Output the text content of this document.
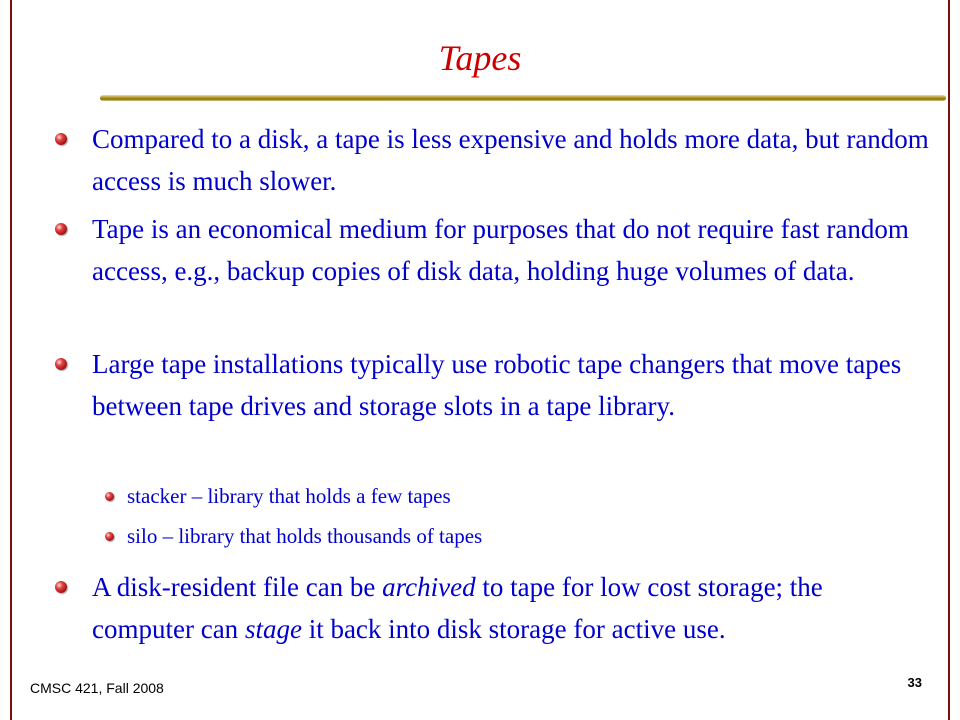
Tapes
Compared to a disk, a tape is less expensive and holds more data, but random access is much slower.
Tape is an economical medium for purposes that do not require fast random access, e.g., backup copies of disk data, holding huge volumes of data.
Large tape installations typically use robotic tape changers that move tapes between tape drives and storage slots in a tape library.
stacker – library that holds a few tapes
silo – library that holds thousands of tapes
A disk-resident file can be archived to tape for low cost storage; the computer can stage it back into disk storage for active use.
CMSC 421, Fall 2008	33
